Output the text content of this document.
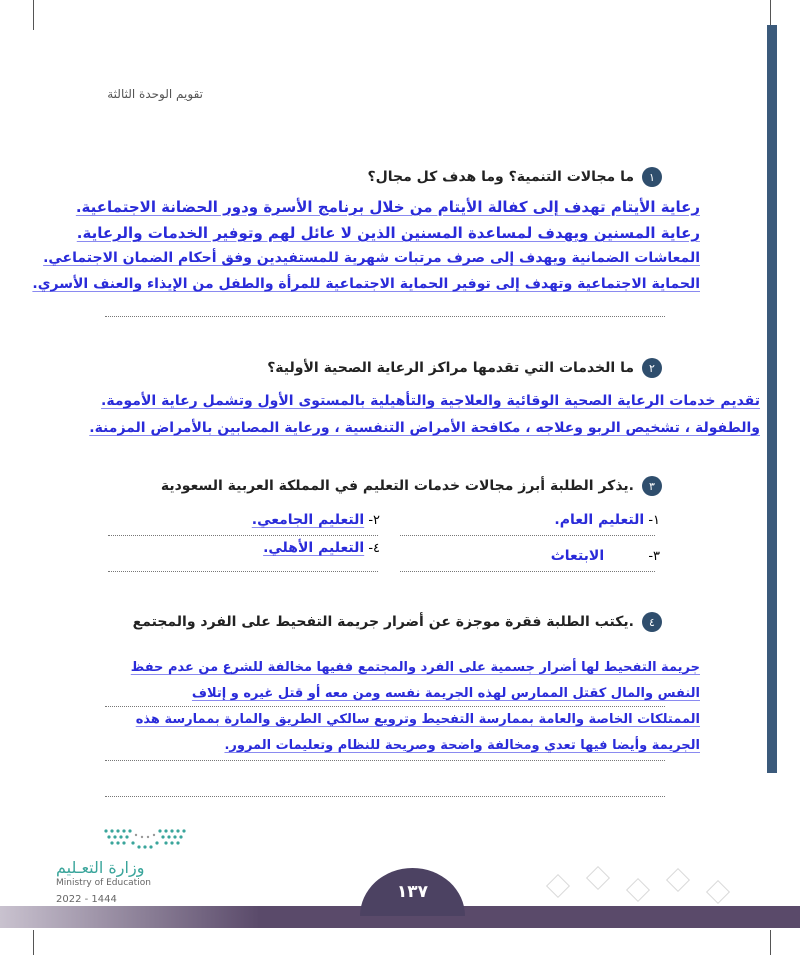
تقويم الوحدة الثالثة
١
ما مجالات التنمية؟ وما هدف كل مجال؟
رعاية الأيتام تهدف إلى كفالة الأيتام من خلال برنامج الأسرة ودور الحضانة الاجتماعية.
رعاية المسنين ويهدف لمساعدة المسنين الذين لا عائل لهم وتوفير الخدمات والرعاية.
المعاشات الضمانية ويهدف إلى صرف مرتبات شهرية للمستفيدين وفق أحكام الضمان الاجتماعي.
الحماية الاجتماعية وتهدف إلى توفير الحماية الاجتماعية للمرأة والطفل من الإيذاء والعنف الأسري.
٢
ما الخدمات التي تقدمها مراكز الرعاية الصحية الأولية؟
تقديم خدمات الرعاية الصحية الوقائية والعلاجية والتأهيلية بالمستوى الأول وتشمل رعاية الأمومة.
والطفولة ، تشخيص الربو وعلاجه ، مكافحة الأمراض التنفسية ، ورعاية المصابين بالأمراض المزمنة.
٣
يذكر الطلبة أبرز مجالات خدمات التعليم في المملكة العربية السعودية.
١- التعليم العام.
٢- التعليم الجامعي.
٣- الابتعاث
٤- التعليم الأهلي.
٤
يكتب الطلبة فقرة موجزة عن أضرار جريمة التفحيط على الفرد والمجتمع.
جريمة التفحيط لها أضرار جسمية على الفرد والمجتمع ففيها مخالفة للشرع من عدم حفظ
النفس والمال كقتل الممارس لهذه الجريمة نفسه ومن معه أو قتل غيره و إتلاف
الممتلكات الخاصة والعامة بممارسة التفحيط وترويع سالكي الطريق والمارة بممارسة هذه
الجريمة وأيضا فيها تعدي ومخالفة واضحة وصريحة للنظام وتعليمات المرور.
وزارة التعـليم
Ministry of Education
2022 - 1444	١٣٧
